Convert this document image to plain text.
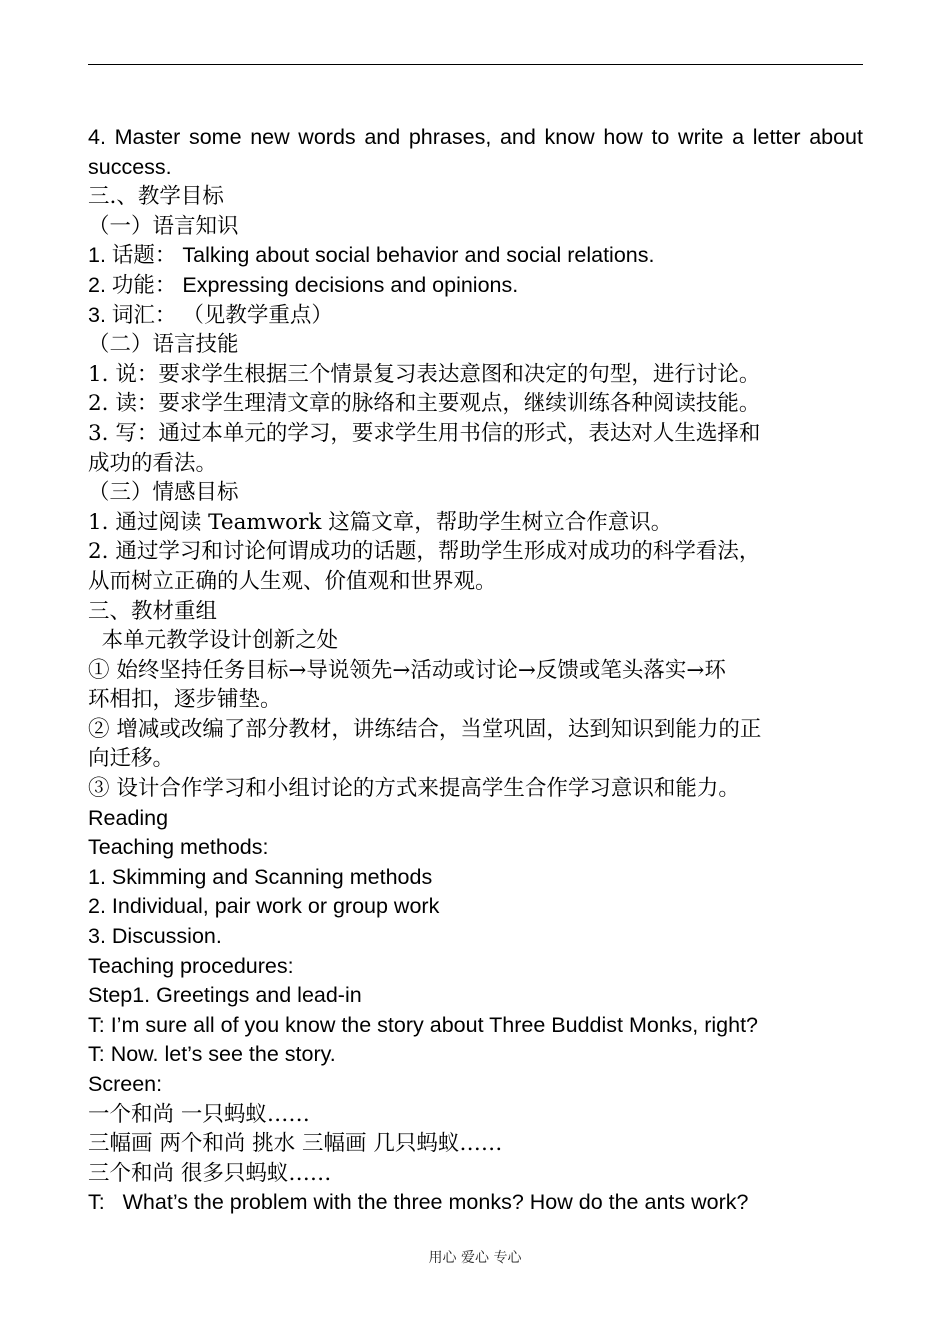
4. Master some new words and phrases, and know how to write a letter about
success.
三.、教学目标
（一）语言知识
1. 话题： Talking about social behavior and social relations.
2. 功能： Expressing decisions and opinions.
3. 词汇： （见教学重点）
（二）语言技能
1. 说：要求学生根据三个情景复习表达意图和决定的句型，进行讨论。
2. 读：要求学生理清文章的脉络和主要观点，继续训练各种阅读技能。
3. 写：通过本单元的学习，要求学生用书信的形式，表达对人生选择和
成功的看法。
（三）情感目标
1. 通过阅读 Teamwork 这篇文章，帮助学生树立合作意识。
2. 通过学习和讨论何谓成功的话题，帮助学生形成对成功的科学看法，
从而树立正确的人生观、价值观和世界观。
三、教材重组
本单元教学设计创新之处
① 始终坚持任务目标→导说领先→活动或讨论→反馈或笔头落实→环
环相扣，逐步铺垫。
② 增减或改编了部分教材，讲练结合，当堂巩固，达到知识到能力的正
向迁移。
③ 设计合作学习和小组讨论的方式来提高学生合作学习意识和能力。
Reading
Teaching methods:
1. Skimming and Scanning methods
2. Individual, pair work or group work
3. Discussion.
Teaching procedures:
Step1. Greetings and lead-in
T: I’m sure all of you know the story about Three Buddist Monks, right?
T: Now. let’s see the story.
Screen:
一个和尚 一只蚂蚁……
三幅画 两个和尚 挑水 三幅画 几只蚂蚁……
三个和尚 很多只蚂蚁……
T:   What’s the problem with the three monks? How do the ants work?
用心 爱心 专心
